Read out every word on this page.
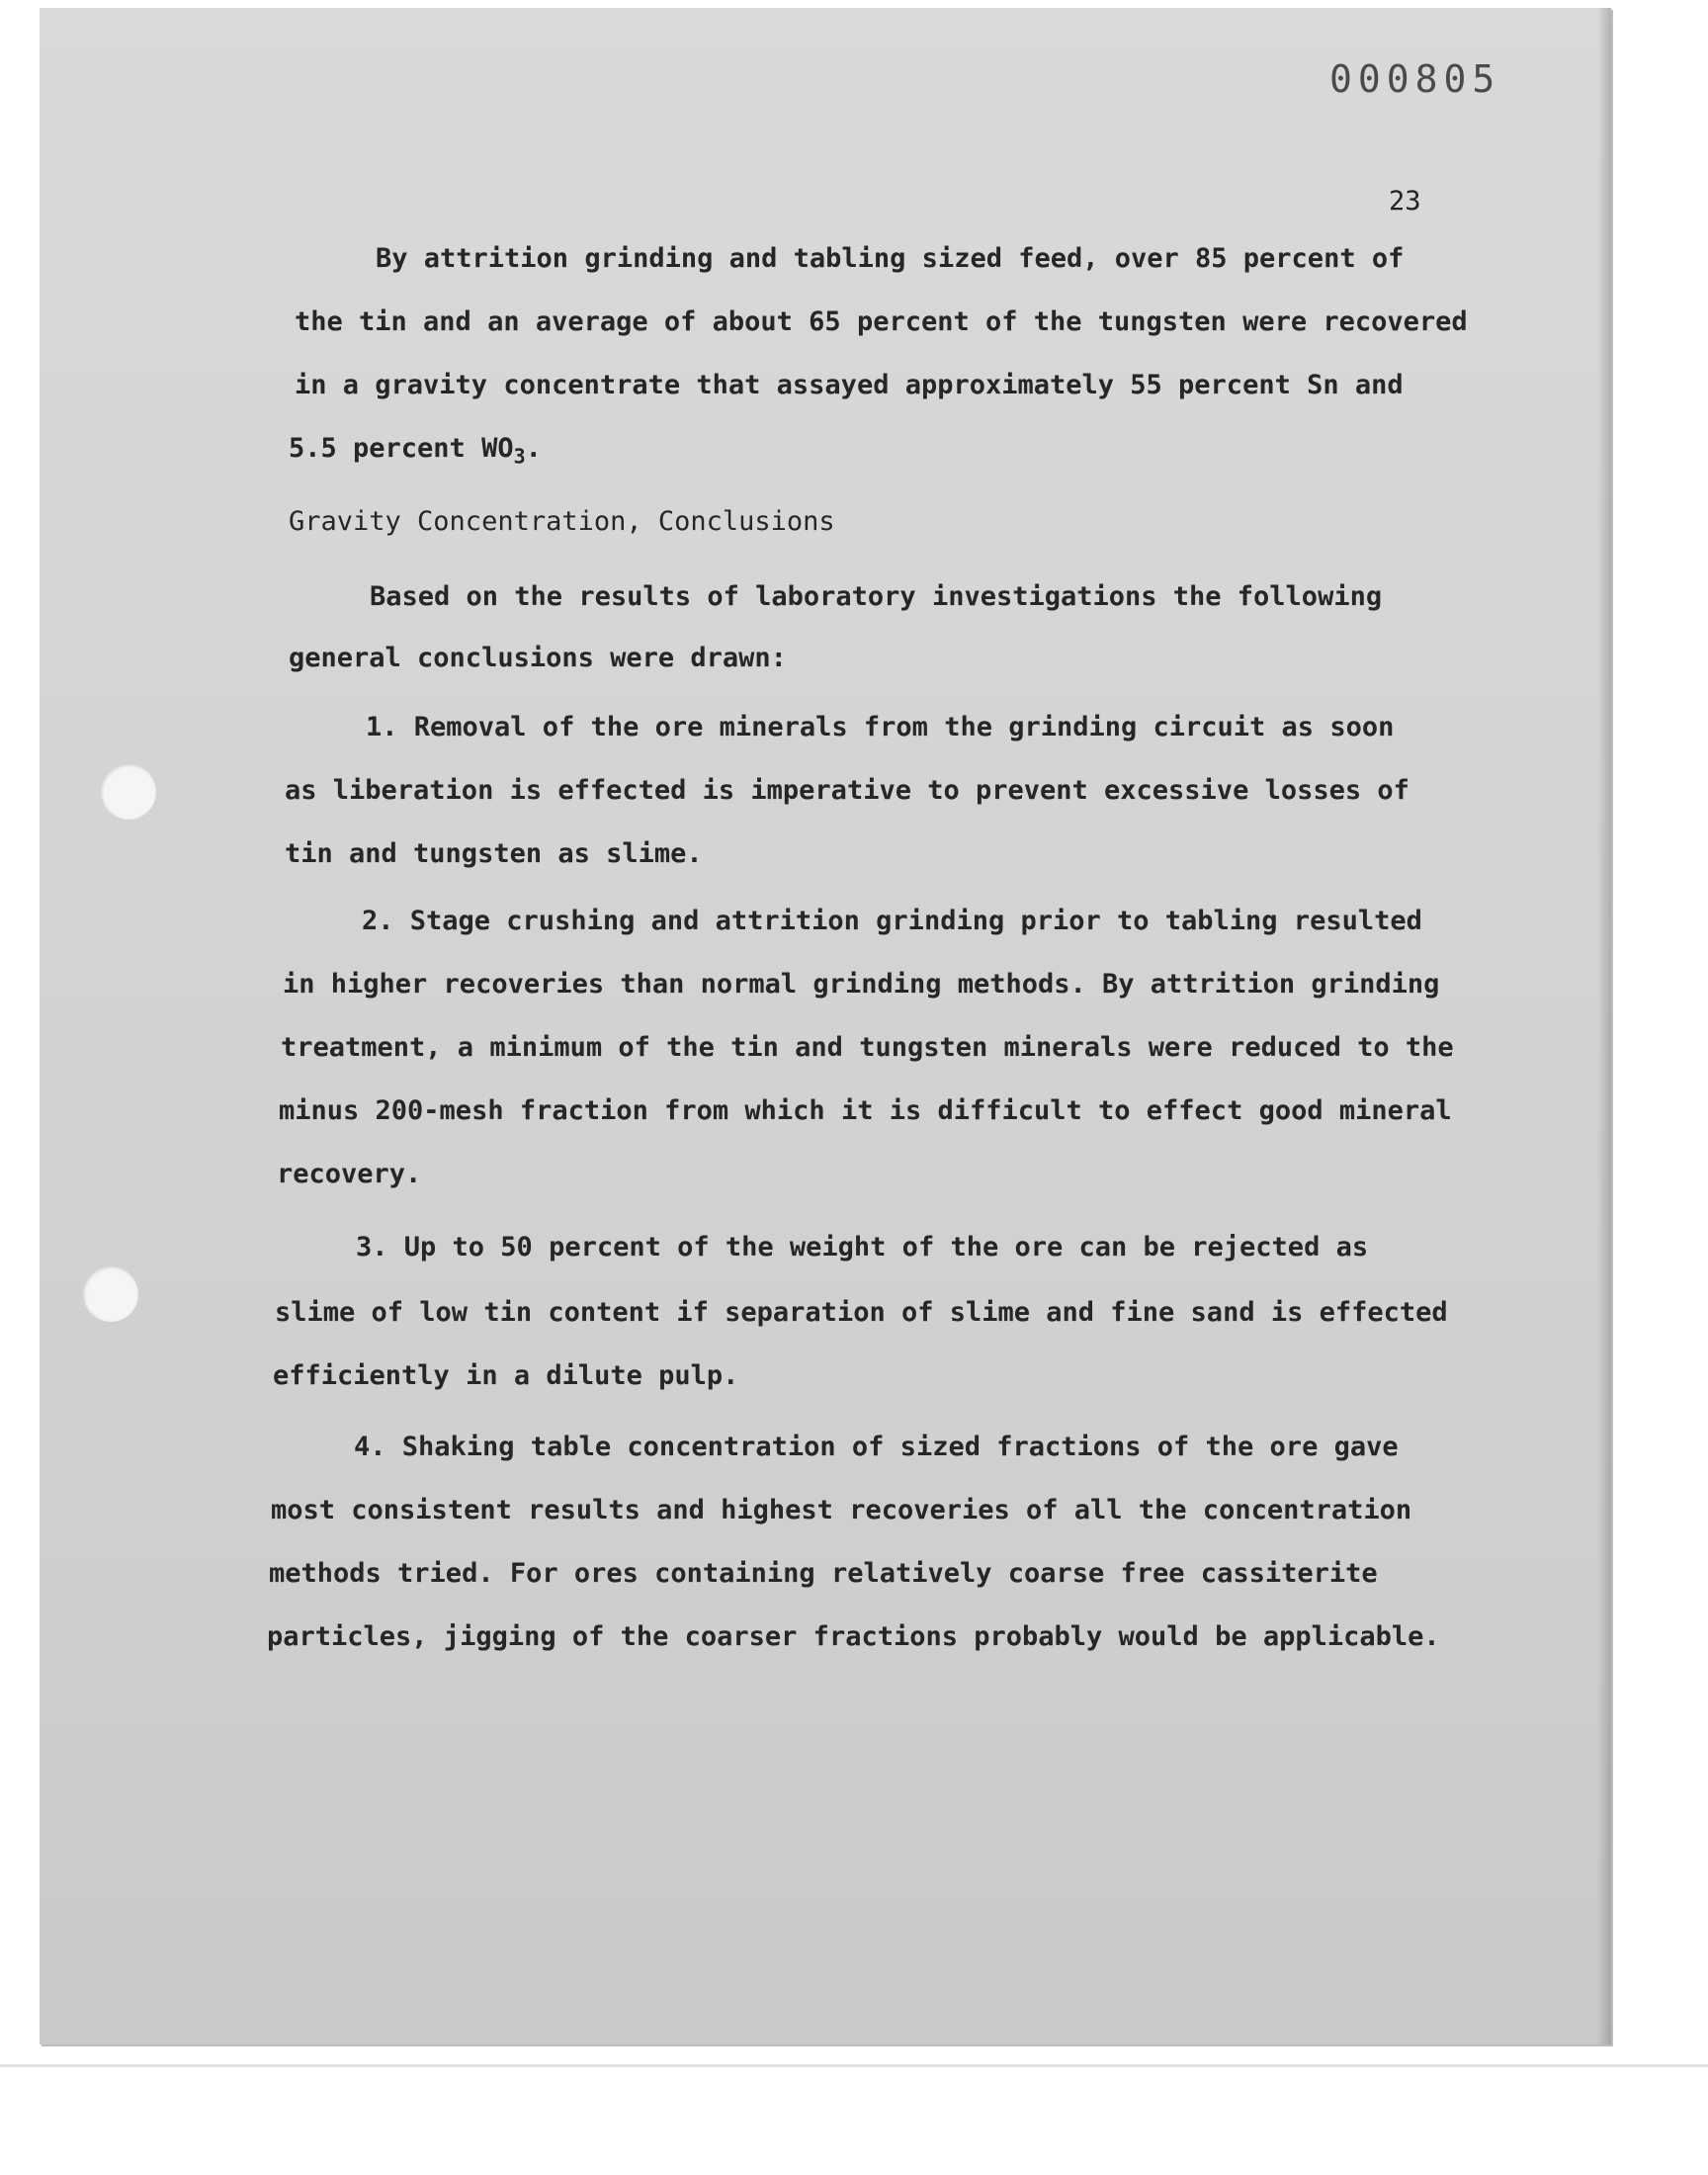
000805
23
By attrition grinding and tabling sized feed, over 85 percent of
the tin and an average of about 65 percent of the tungsten were recovered
in a gravity concentrate that assayed approximately 55 percent Sn and
5.5 percent $WO_3$.
Gravity Concentration, Conclusions
Based on the results of laboratory investigations the following
general conclusions were drawn:
1. Removal of the ore minerals from the grinding circuit as soon
as liberation is effected is imperative to prevent excessive losses of
tin and tungsten as slime.
2. Stage crushing and attrition grinding prior to tabling resulted
in higher recoveries than normal grinding methods. By attrition grinding
treatment, a minimum of the tin and tungsten minerals were reduced to the
minus 200-mesh fraction from which it is difficult to effect good mineral
recovery.
3. Up to 50 percent of the weight of the ore can be rejected as
slime of low tin content if separation of slime and fine sand is effected
efficiently in a dilute pulp.
4. Shaking table concentration of sized fractions of the ore gave
most consistent results and highest recoveries of all the concentration
methods tried. For ores containing relatively coarse free cassiterite
particles, jigging of the coarser fractions probably would be applicable.
